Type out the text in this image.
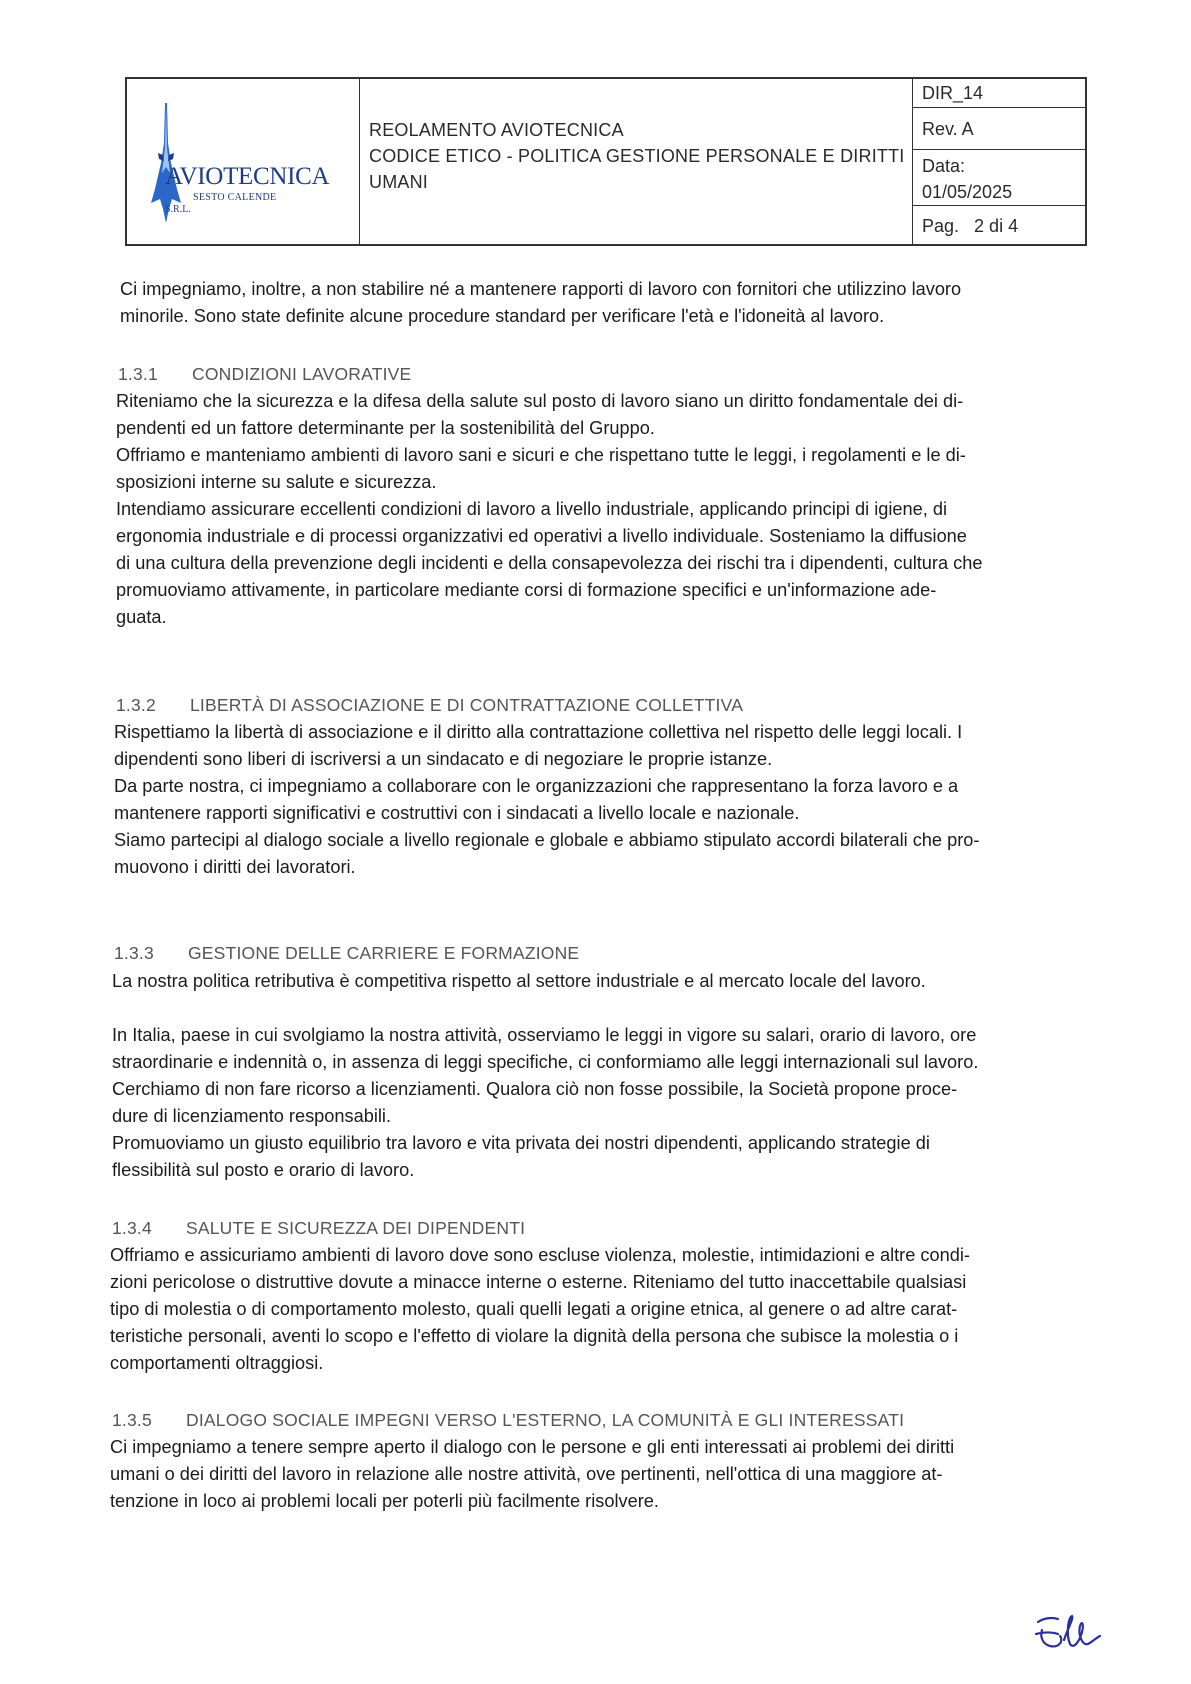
AVIOTECNICA S.R.L.
SESTO CALENDE
REOLAMENTO AVIOTECNICA
CODICE ETICO - POLITICA GESTIONE PERSONALE E DIRITTI
UMANI
DIR_14
Rev. A
Data:
01/05/2025
Pag. 2 di 4
Ci impegniamo, inoltre, a non stabilire né a mantenere rapporti di lavoro con fornitori che utilizzino lavoro
minorile. Sono state definite alcune procedure standard per verificare l'età e l'idoneità al lavoro.
1.3.1 CONDIZIONI LAVORATIVE
Riteniamo che la sicurezza e la difesa della salute sul posto di lavoro siano un diritto fondamentale dei di-
pendenti ed un fattore determinante per la sostenibilità del Gruppo.
Offriamo e manteniamo ambienti di lavoro sani e sicuri e che rispettano tutte le leggi, i regolamenti e le di-
sposizioni interne su salute e sicurezza.
Intendiamo assicurare eccellenti condizioni di lavoro a livello industriale, applicando principi di igiene, di
ergonomia industriale e di processi organizzativi ed operativi a livello individuale. Sosteniamo la diffusione
di una cultura della prevenzione degli incidenti e della consapevolezza dei rischi tra i dipendenti, cultura che
promuoviamo attivamente, in particolare mediante corsi di formazione specifici e un'informazione ade-
guata.
1.3.2 LIBERTÀ DI ASSOCIAZIONE E DI CONTRATTAZIONE COLLETTIVA
Rispettiamo la libertà di associazione e il diritto alla contrattazione collettiva nel rispetto delle leggi locali. I
dipendenti sono liberi di iscriversi a un sindacato e di negoziare le proprie istanze.
Da parte nostra, ci impegniamo a collaborare con le organizzazioni che rappresentano la forza lavoro e a
mantenere rapporti significativi e costruttivi con i sindacati a livello locale e nazionale.
Siamo partecipi al dialogo sociale a livello regionale e globale e abbiamo stipulato accordi bilaterali che pro-
muovono i diritti dei lavoratori.
1.3.3 GESTIONE DELLE CARRIERE E FORMAZIONE
La nostra politica retributiva è competitiva rispetto al settore industriale e al mercato locale del lavoro.
In Italia, paese in cui svolgiamo la nostra attività, osserviamo le leggi in vigore su salari, orario di lavoro, ore
straordinarie e indennità o, in assenza di leggi specifiche, ci conformiamo alle leggi internazionali sul lavoro.
Cerchiamo di non fare ricorso a licenziamenti. Qualora ciò non fosse possibile, la Società propone proce-
dure di licenziamento responsabili.
Promuoviamo un giusto equilibrio tra lavoro e vita privata dei nostri dipendenti, applicando strategie di
flessibilità sul posto e orario di lavoro.
1.3.4 SALUTE E SICUREZZA DEI DIPENDENTI
Offriamo e assicuriamo ambienti di lavoro dove sono escluse violenza, molestie, intimidazioni e altre condi-
zioni pericolose o distruttive dovute a minacce interne o esterne. Riteniamo del tutto inaccettabile qualsiasi
tipo di molestia o di comportamento molesto, quali quelli legati a origine etnica, al genere o ad altre carat-
teristiche personali, aventi lo scopo e l'effetto di violare la dignità della persona che subisce la molestia o i
comportamenti oltraggiosi.
1.3.5 DIALOGO SOCIALE IMPEGNI VERSO L'ESTERNO, LA COMUNITÀ E GLI INTERESSATI
Ci impegniamo a tenere sempre aperto il dialogo con le persone e gli enti interessati ai problemi dei diritti
umani o dei diritti del lavoro in relazione alle nostre attività, ove pertinenti, nell'ottica di una maggiore at-
tenzione in loco ai problemi locali per poterli più facilmente risolvere.
